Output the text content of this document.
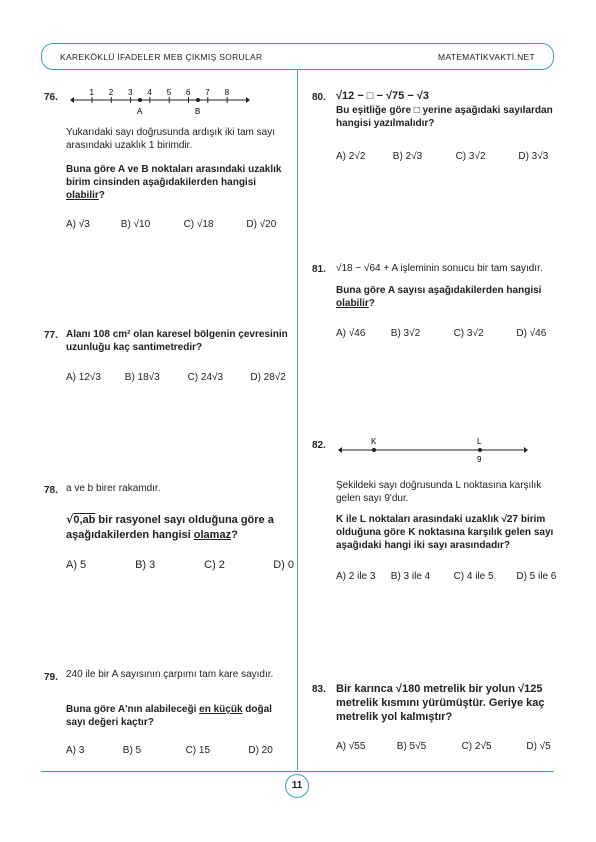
KAREKÖKLÜ İFADELER MEB ÇIKMIŞ SORULAR	MATEMATİKVAKTİ.NET
11
76.	1 2 3 4 5 6 7 8
A	B
Yukarıdaki sayı doğrusunda ardışık iki tam sayı arasındaki uzaklık 1 birimdir.
Buna göre A ve B noktaları arasındaki uzaklık birim cinsinden aşağıdakilerden hangisi olabilir?
A) √3	B) √10	C) √18	D) √20
77. Alanı 108 cm² olan karesel bölgenin çevresinin uzunluğu kaç santimetredir?
A) 12√3 B) 18√3	C) 24√3	D) 28√2
78. a ve b birer rakamdır.
√0,ab bir rasyonel sayı olduğuna göre a aşağıdakilerden hangisi olamaz?
A) 5	B) 3	C) 2	D) 0
79. 240 ile bir A sayısının çarpımı tam kare sayıdır.
Buna göre A'nın alabileceği en küçük doğal sayı değeri kaçtır?
A) 3	B) 5	C) 15	D) 20
80. √12 − □ − √75 − √3
Bu eşitliğe göre □ yerine aşağıdaki sayılardan hangisi yazılmalıdır?
A) 2√2	B) 2√3	C) 3√2	D) 3√3
81. √18 − √64 + A işleminin sonucu bir tam sayıdır.
Buna göre A sayısı aşağıdakilerden hangisi olabilir?
A) √46	B) 3√2	C) 3√2	D) √46
82.	K	L
9
Şekildeki sayı doğrusunda L noktasına karşılık gelen sayı 9'dur.
K ile L noktaları arasındaki uzaklık √27 birim olduğuna göre K noktasına karşılık gelen sayı aşağıdaki hangi iki sayı arasındadır?
A) 2 ile 3 B) 3 ile 4 C) 4 ile 5 D) 5 ile 6
83. Bir karınca √180 metrelik bir yolun √125 metrelik kısmını yürümüştür. Geriye kaç metrelik yol kalmıştır?
A) √55	B) 5√5	C) 2√5	D) √5
